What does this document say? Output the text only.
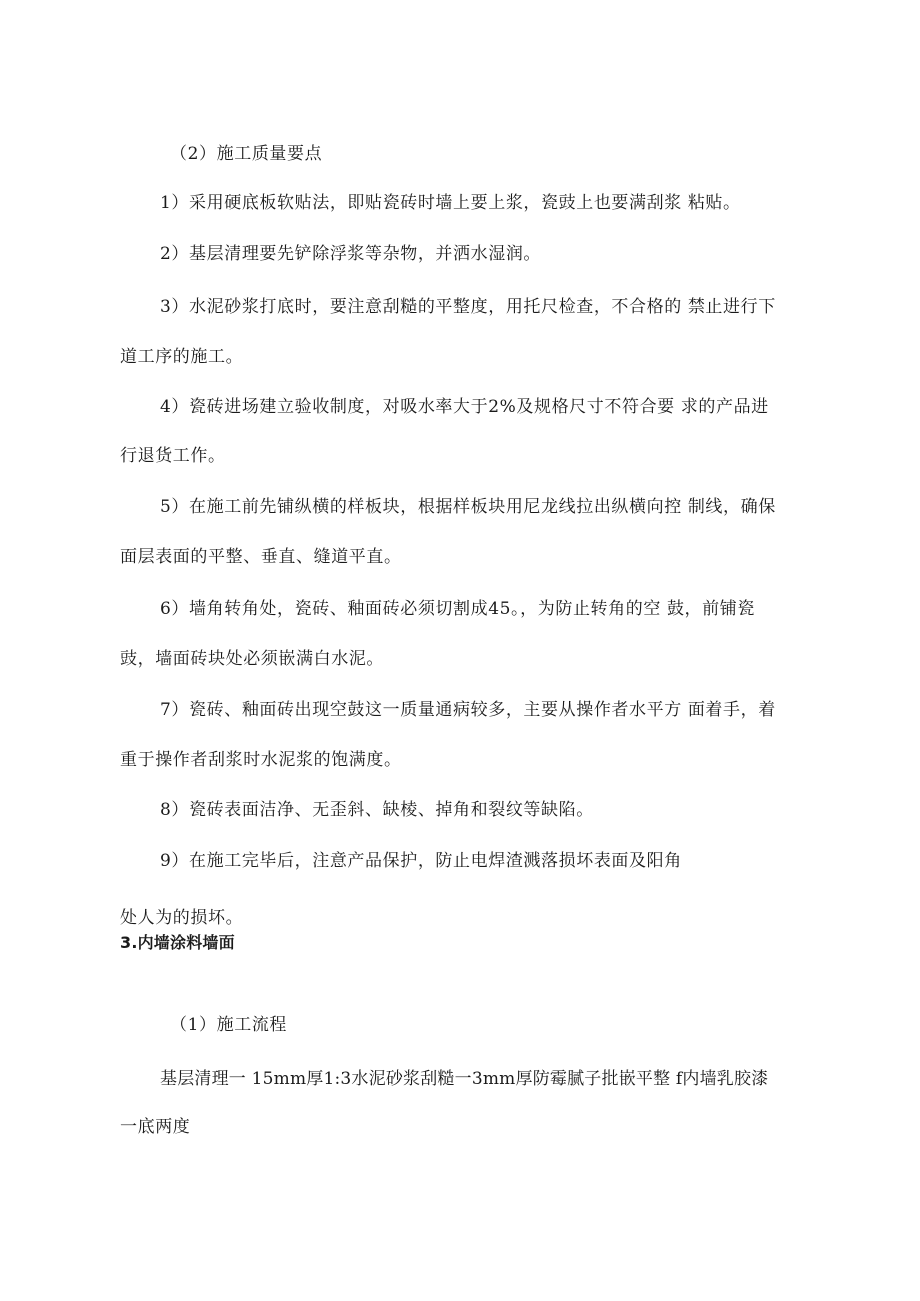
（2）施工质量要点
1）采用硬底板软贴法，即贴瓷砖时墙上要上浆，瓷豉上也要满刮浆 粘贴。
2）基层清理要先铲除浮浆等杂物，并洒水湿润。
3）水泥砂浆打底时，要注意刮糙的平整度，用托尺检查，不合格的 禁止进行下
道工序的施工。
4）瓷砖进场建立验收制度，对吸水率大于2%及规格尺寸不符合要 求的产品进
行退货工作。
5）在施工前先铺纵横的样板块，根据样板块用尼龙线拉出纵横向控 制线，确保
面层表面的平整、垂直、缝道平直。
6）墙角转角处，瓷砖、釉面砖必须切割成45。，为防止转角的空 鼓，前铺瓷
豉，墙面砖块处必须嵌满白水泥。
7）瓷砖、釉面砖出现空鼓这一质量通病较多，主要从操作者水平方 面着手，着
重于操作者刮浆时水泥浆的饱满度。
8）瓷砖表面洁净、无歪斜、缺棱、掉角和裂纹等缺陷。
9）在施工完毕后，注意产品保护，防止电焊渣溅落损坏表面及阳角
处人为的损坏。
3.内墙涂料墙面
（1）施工流程
基层清理一 15mm厚1:3水泥砂浆刮糙一3mm厚防霉腻子批嵌平整 f内墙乳胶漆
一底两度
